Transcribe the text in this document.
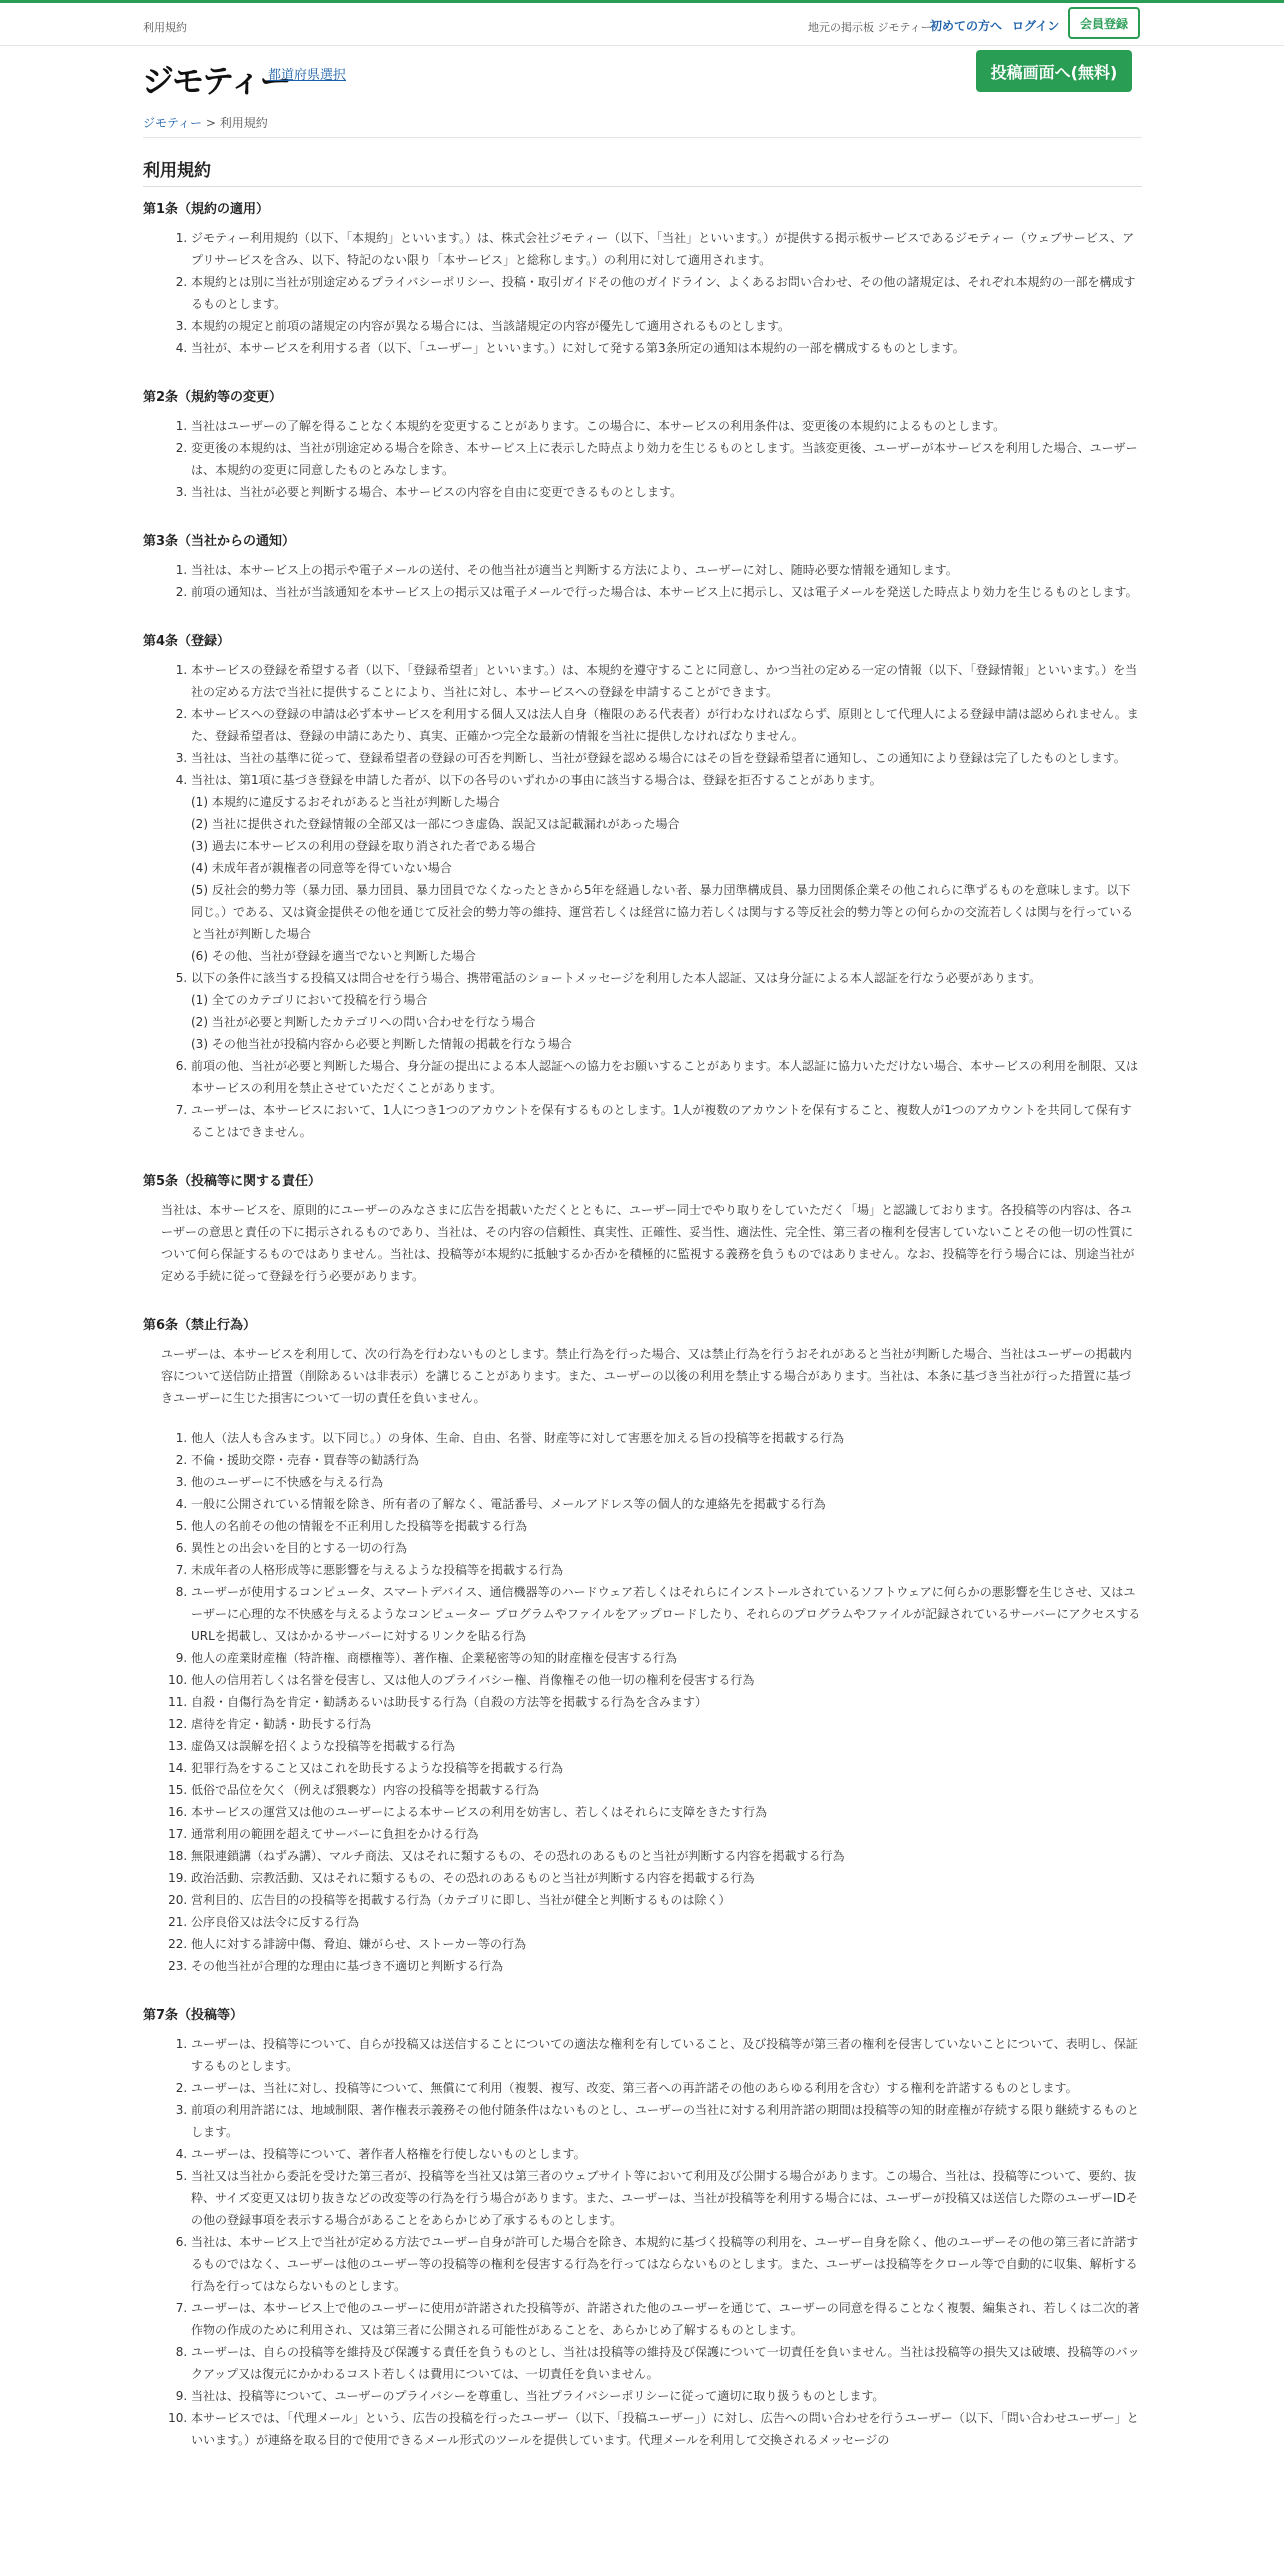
利用規約	地元の掲示板 ジモティー
初めての方へ ログイン	会員登録
ジモティー
都道府県選択	投稿画面へ(無料)
ジモティー > 利用規約
利用規約
第1条（規約の適用）
1. ジモティー利用規約（以下、「本規約」といいます。）は、株式会社ジモティー（以下、「当社」といいます。）が提供する掲示板サービスであるジモティー（ウェブサービス、アプリサービスを含み、以下、特記のない限り「本サービス」と総称します。）の利用に対して適用されます。
2. 本規約とは別に当社が別途定めるプライバシーポリシー、投稿・取引ガイドその他のガイドライン、よくあるお問い合わせ、その他の諸規定は、それぞれ本規約の一部を構成するものとします。
3. 本規約の規定と前項の諸規定の内容が異なる場合には、当該諸規定の内容が優先して適用されるものとします。
4. 当社が、本サービスを利用する者（以下、「ユーザー」といいます。）に対して発する第3条所定の通知は本規約の一部を構成するものとします。
第2条（規約等の変更）
1. 当社はユーザーの了解を得ることなく本規約を変更することがあります。この場合に、本サービスの利用条件は、変更後の本規約によるものとします。
2. 変更後の本規約は、当社が別途定める場合を除き、本サービス上に表示した時点より効力を生じるものとします。当該変更後、ユーザーが本サービスを利用した場合、ユーザーは、本規約の変更に同意したものとみなします。
3. 当社は、当社が必要と判断する場合、本サービスの内容を自由に変更できるものとします。
第3条（当社からの通知）
1. 当社は、本サービス上の掲示や電子メールの送付、その他当社が適当と判断する方法により、ユーザーに対し、随時必要な情報を通知します。
2. 前項の通知は、当社が当該通知を本サービス上の掲示又は電子メールで行った場合は、本サービス上に掲示し、又は電子メールを発送した時点より効力を生じるものとします。
第4条（登録）
1. 本サービスの登録を希望する者（以下、「登録希望者」といいます。）は、本規約を遵守することに同意し、かつ当社の定める一定の情報（以下、「登録情報」といいます。）を当社の定める方法で当社に提供することにより、当社に対し、本サービスへの登録を申請することができます。
2. 本サービスへの登録の申請は必ず本サービスを利用する個人又は法人自身（権限のある代表者）が行わなければならず、原則として代理人による登録申請は認められません。また、登録希望者は、登録の申請にあたり、真実、正確かつ完全な最新の情報を当社に提供しなければなりません。
3. 当社は、当社の基準に従って、登録希望者の登録の可否を判断し、当社が登録を認める場合にはその旨を登録希望者に通知し、この通知により登録は完了したものとします。
4. 当社は、第1項に基づき登録を申請した者が、以下の各号のいずれかの事由に該当する場合は、登録を拒否することがあります。
(1) 本規約に違反するおそれがあると当社が判断した場合
(2) 当社に提供された登録情報の全部又は一部につき虚偽、誤記又は記載漏れがあった場合
(3) 過去に本サービスの利用の登録を取り消された者である場合
(4) 未成年者が親権者の同意等を得ていない場合
(5) 反社会的勢力等（暴力団、暴力団員、暴力団員でなくなったときから5年を経過しない者、暴力団準構成員、暴力団関係企業その他これらに準ずるものを意味します。以下同じ。）である、又は資金提供その他を通じて反社会的勢力等の維持、運営若しくは経営に協力若しくは関与する等反社会的勢力等との何らかの交流若しくは関与を行っていると当社が判断した場合
(6) その他、当社が登録を適当でないと判断した場合
5. 以下の条件に該当する投稿又は問合せを行う場合、携帯電話のショートメッセージを利用した本人認証、又は身分証による本人認証を行なう必要があります。
(1) 全てのカテゴリにおいて投稿を行う場合
(2) 当社が必要と判断したカテゴリへの問い合わせを行なう場合
(3) その他当社が投稿内容から必要と判断した情報の掲載を行なう場合
6. 前項の他、当社が必要と判断した場合、身分証の提出による本人認証への協力をお願いすることがあります。本人認証に協力いただけない場合、本サービスの利用を制限、又は本サービスの利用を禁止させていただくことがあります。
7. ユーザーは、本サービスにおいて、1人につき1つのアカウントを保有するものとします。1人が複数のアカウントを保有すること、複数人が1つのアカウントを共同して保有することはできません。
第5条（投稿等に関する責任）

当社は、本サービスを、原則的にユーザーのみなさまに広告を掲載いただくとともに、ユーザー同士でやり取りをしていただく「場」と認識しております。各投稿等の内容は、各ユーザーの意思と責任の下に掲示されるものであり、当社は、その内容の信頼性、真実性、正確性、妥当性、適法性、完全性、第三者の権利を侵害していないことその他一切の性質について何ら保証するものではありません。当社は、投稿等が本規約に抵触するか否かを積極的に監視する義務を負うものではありません。なお、投稿等を行う場合には、別途当社が定める手続に従って登録を行う必要があります。

第6条（禁止行為）

ユーザーは、本サービスを利用して、次の行為を行わないものとします。禁止行為を行った場合、又は禁止行為を行うおそれがあると当社が判断した場合、当社はユーザーの掲載内容について送信防止措置（削除あるいは非表示）を講じることがあります。また、ユーザーの以後の利用を禁止する場合があります。当社は、本条に基づき当社が行った措置に基づきユーザーに生じた損害について一切の責任を負いません。

1. 他人（法人も含みます。以下同じ。）の身体、生命、自由、名誉、財産等に対して害悪を加える旨の投稿等を掲載する行為
2. 不倫・援助交際・売春・買春等の勧誘行為
3. 他のユーザーに不快感を与える行為
4. 一般に公開されている情報を除き、所有者の了解なく、電話番号、メールアドレス等の個人的な連絡先を掲載する行為
5. 他人の名前その他の情報を不正利用した投稿等を掲載する行為
6. 異性との出会いを目的とする一切の行為
7. 未成年者の人格形成等に悪影響を与えるような投稿等を掲載する行為
8. ユーザーが使用するコンピュータ、スマートデバイス、通信機器等のハードウェア若しくはそれらにインストールされているソフトウェアに何らかの悪影響を生じさせ、又はユーザーに心理的な不快感を与えるようなコンピューター プログラムやファイルをアップロードしたり、それらのプログラムやファイルが記録されているサーバーにアクセスするURLを掲載し、又はかかるサーバーに対するリンクを貼る行為
9. 他人の産業財産権（特許権、商標権等）、著作権、企業秘密等の知的財産権を侵害する行為
10. 他人の信用若しくは名誉を侵害し、又は他人のプライバシー権、肖像権その他一切の権利を侵害する行為
11. 自殺・自傷行為を肯定・勧誘あるいは助長する行為（自殺の方法等を掲載する行為を含みます）
12. 虐待を肯定・勧誘・助長する行為
13. 虚偽又は誤解を招くような投稿等を掲載する行為
14. 犯罪行為をすること又はこれを助長するような投稿等を掲載する行為
15. 低俗で品位を欠く（例えば猥褻な）内容の投稿等を掲載する行為
16. 本サービスの運営又は他のユーザーによる本サービスの利用を妨害し、若しくはそれらに支障をきたす行為
17. 通常利用の範囲を超えてサーバーに負担をかける行為
18. 無限連鎖講（ねずみ講）、マルチ商法、又はそれに類するもの、その恐れのあるものと当社が判断する内容を掲載する行為
19. 政治活動、宗教活動、又はそれに類するもの、その恐れのあるものと当社が判断する内容を掲載する行為
20. 営利目的、広告目的の投稿等を掲載する行為（カテゴリに即し、当社が健全と判断するものは除く）
21. 公序良俗又は法令に反する行為
22. 他人に対する誹謗中傷、脅迫、嫌がらせ、ストーカー等の行為
23. その他当社が合理的な理由に基づき不適切と判断する行為
第7条（投稿等）
1. ユーザーは、投稿等について、自らが投稿又は送信することについての適法な権利を有していること、及び投稿等が第三者の権利を侵害していないことについて、表明し、保証するものとします。
2. ユーザーは、当社に対し、投稿等について、無償にて利用（複製、複写、改変、第三者への再許諾その他のあらゆる利用を含む）する権利を許諾するものとします。
3. 前項の利用許諾には、地域制限、著作権表示義務その他付随条件はないものとし、ユーザーの当社に対する利用許諾の期間は投稿等の知的財産権が存続する限り継続するものとします。
4. ユーザーは、投稿等について、著作者人格権を行使しないものとします。
5. 当社又は当社から委託を受けた第三者が、投稿等を当社又は第三者のウェブサイト等において利用及び公開する場合があります。この場合、当社は、投稿等について、要約、抜粋、サイズ変更又は切り抜きなどの改変等の行為を行う場合があります。また、ユーザーは、当社が投稿等を利用する場合には、ユーザーが投稿又は送信した際のユーザーIDその他の登録事項を表示する場合があることをあらかじめ了承するものとします。
6. 当社は、本サービス上で当社が定める方法でユーザー自身が許可した場合を除き、本規約に基づく投稿等の利用を、ユーザー自身を除く、他のユーザーその他の第三者に許諾するものではなく、ユーザーは他のユーザー等の投稿等の権利を侵害する行為を行ってはならないものとします。また、ユーザーは投稿等をクロール等で自動的に収集、解析する行為を行ってはならないものとします。
7. ユーザーは、本サービス上で他のユーザーに使用が許諾された投稿等が、許諾された他のユーザーを通じて、ユーザーの同意を得ることなく複製、編集され、若しくは二次的著作物の作成のために利用され、又は第三者に公開される可能性があることを、あらかじめ了解するものとします。
8. ユーザーは、自らの投稿等を維持及び保護する責任を負うものとし、当社は投稿等の維持及び保護について一切責任を負いません。当社は投稿等の損失又は破壊、投稿等のバックアップ又は復元にかかわるコスト若しくは費用については、一切責任を負いません。
9. 当社は、投稿等について、ユーザーのプライバシーを尊重し、当社プライバシーポリシーに従って適切に取り扱うものとします。
10. 本サービスでは、「代理メール」という、広告の投稿を行ったユーザー（以下、「投稿ユーザー」）に対し、広告への問い合わせを行うユーザー（以下、「問い合わせユーザー」といいます。）が連絡を取る目的で使用できるメール形式のツールを提供しています。代理メールを利用して交換されるメッセージの
